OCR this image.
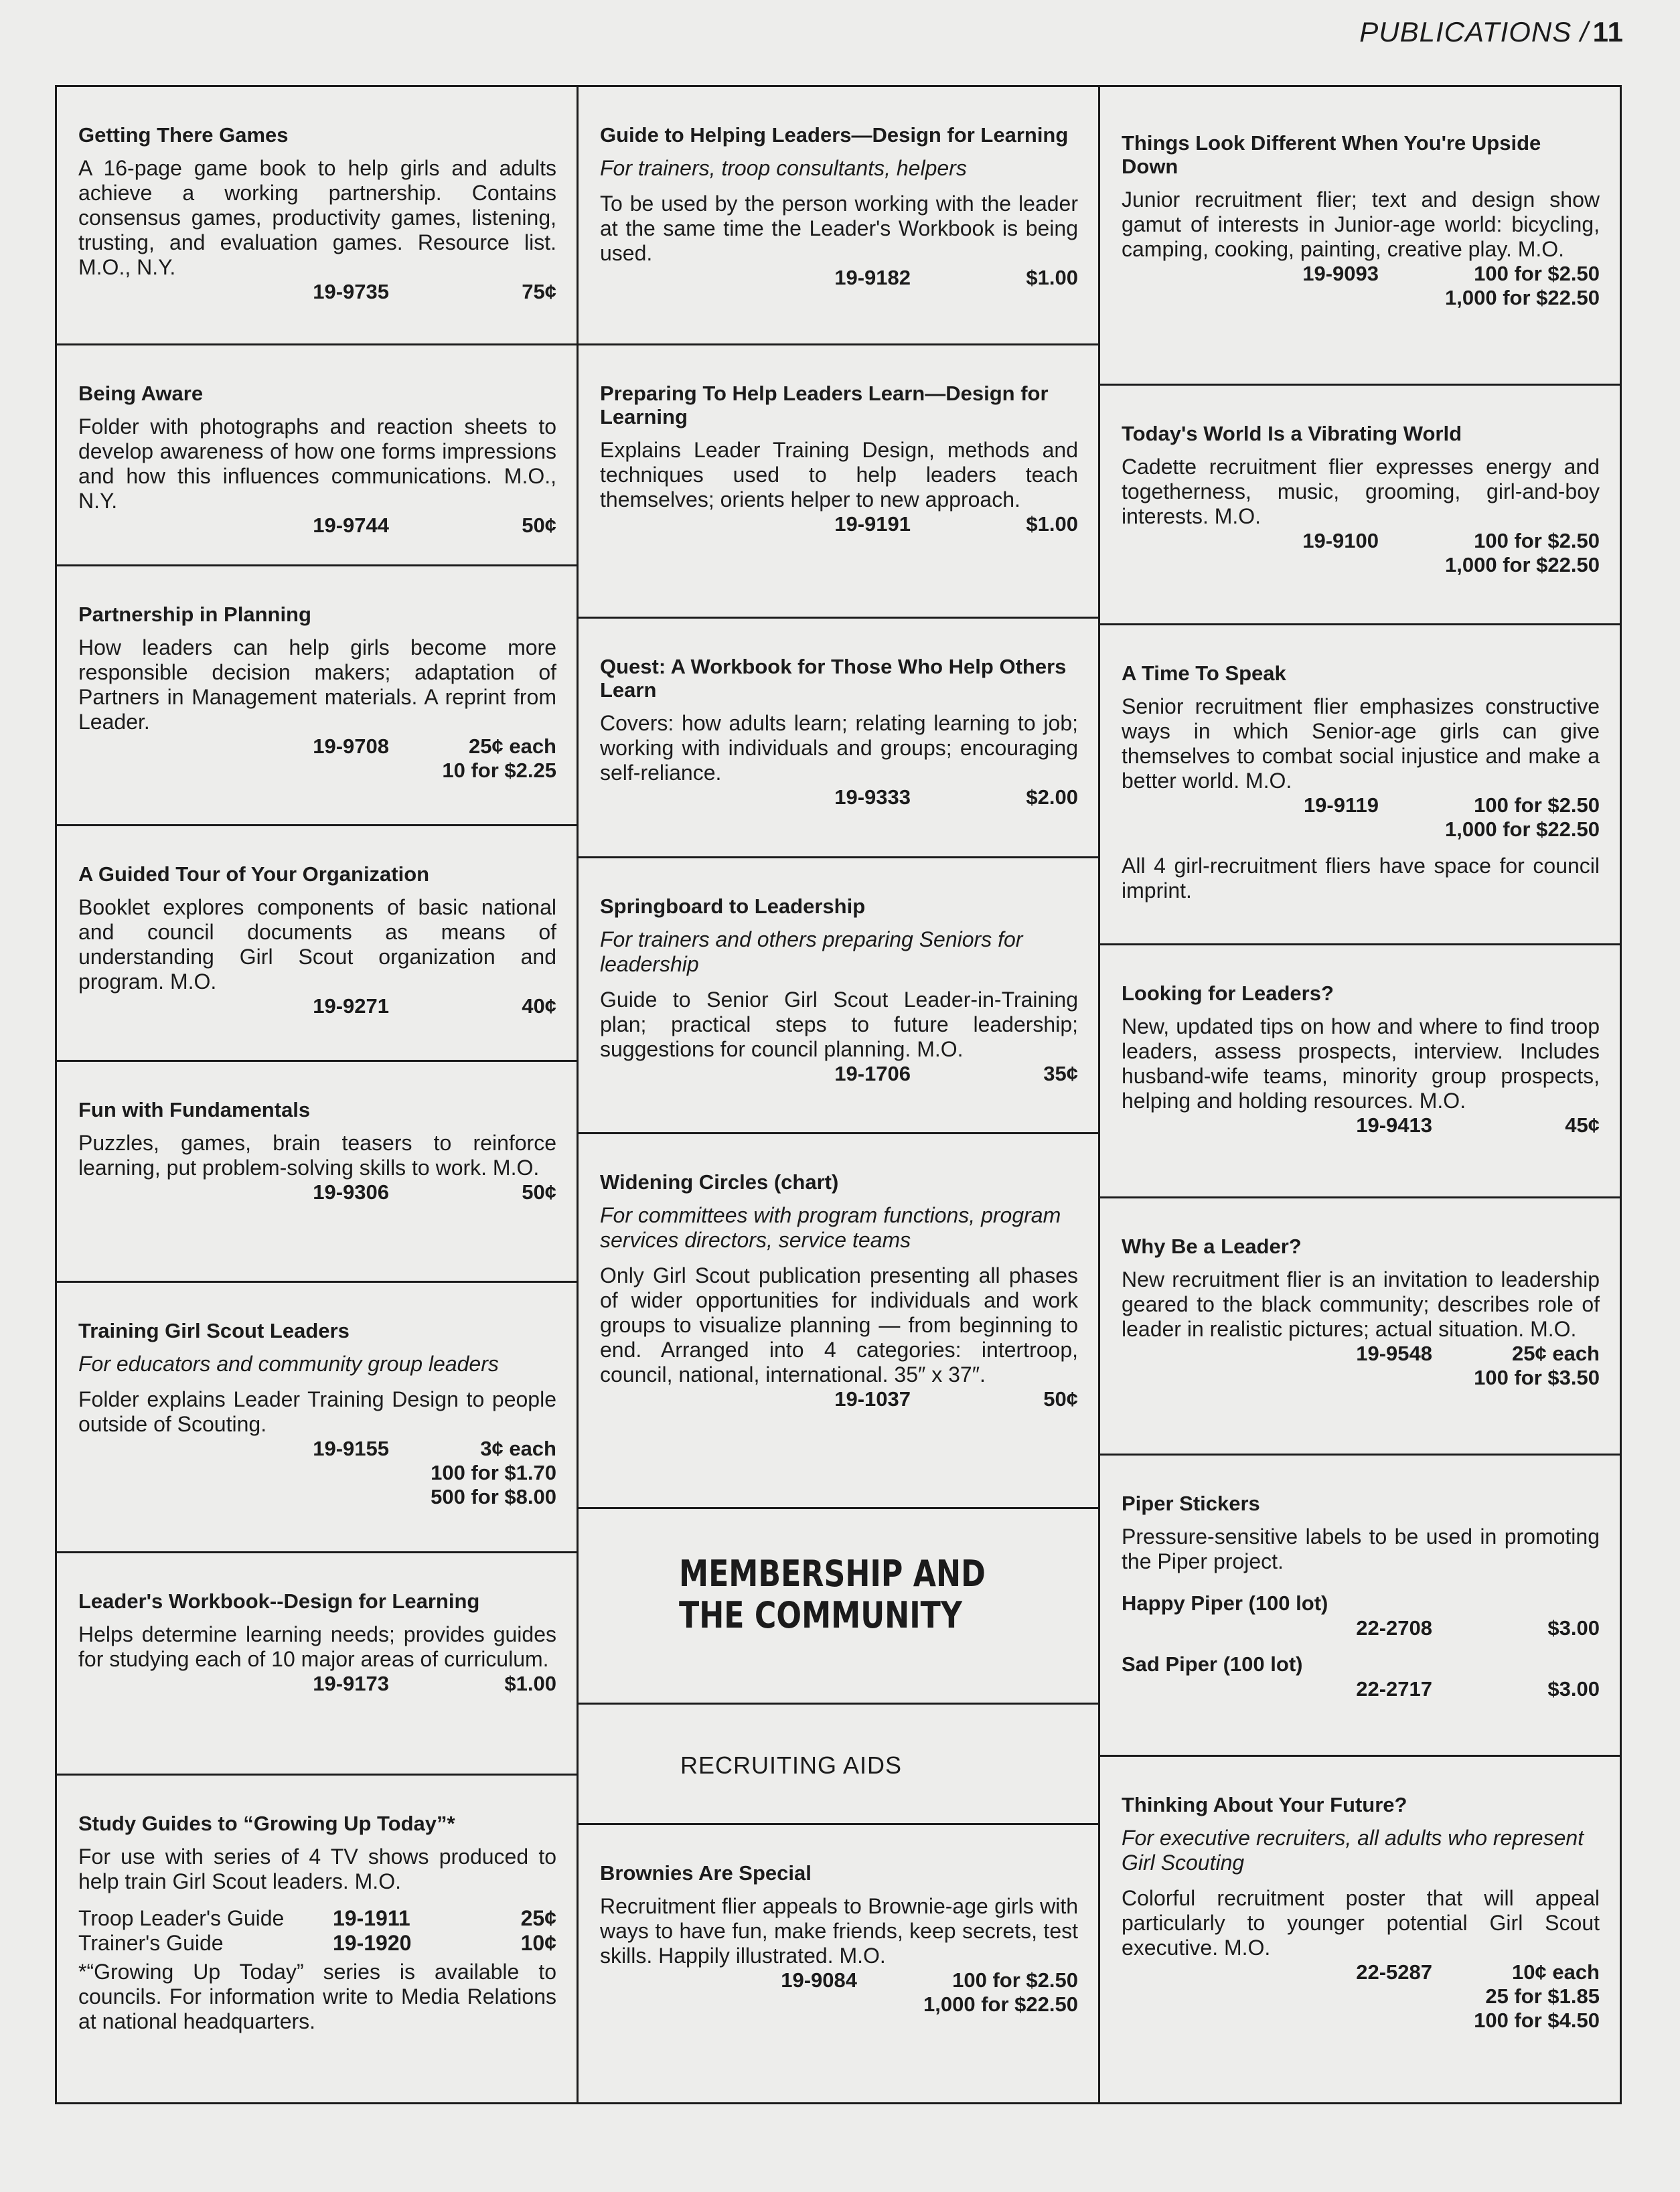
PUBLICATIONS / 11
Getting There Games
A 16-page game book to help girls and adults achieve a working partnership. Contains consensus games, productivity games, listening, trusting, and evaluation games. Resource list. M.O., N.Y.
19-9735	75¢
Being Aware
Folder with photographs and reaction sheets to develop awareness of how one forms impressions and how this influences communications. M.O., N.Y.
19-9744	50¢
Partnership in Planning
How leaders can help girls become more responsible decision makers; adaptation of Partners in Management materials. A reprint from Leader.
19-9708	25¢ each
10 for $2.25
A Guided Tour of Your Organization
Booklet explores components of basic national and council documents as means of understanding Girl Scout organization and program. M.O.
19-9271	40¢
Fun with Fundamentals
Puzzles, games, brain teasers to reinforce learning, put problem-solving skills to work. M.O.
19-9306	50¢
Training Girl Scout Leaders
For educators and community group leaders
Folder explains Leader Training Design to people outside of Scouting.
19-9155	3¢ each
100 for $1.70
500 for $8.00
Leader's Workbook--Design for Learning
Helps determine learning needs; provides guides for studying each of 10 major areas of curriculum.
19-9173	$1.00
Study Guides to “Growing Up Today”*
For use with series of 4 TV shows produced to help train Girl Scout leaders. M.O.
Troop Leader's Guide	19-1911	25¢
Trainer's Guide	19-1920	10¢
*“Growing Up Today” series is available to councils. For information write to Media Relations at national headquarters.
Guide to Helping Leaders—Design for Learning
For trainers, troop consultants, helpers
To be used by the person working with the leader at the same time the Leader's Workbook is being used.
19-9182	$1.00
Preparing To Help Leaders Learn—Design for Learning
Explains Leader Training Design, methods and techniques used to help leaders teach themselves; orients helper to new approach.
19-9191	$1.00
Quest: A Workbook for Those Who Help Others Learn
Covers: how adults learn; relating learning to job; working with individuals and groups; encouraging self-reliance.
19-9333	$2.00
Springboard to Leadership
For trainers and others preparing Seniors for leadership
Guide to Senior Girl Scout Leader-in-Training plan; practical steps to future leadership; suggestions for council planning. M.O.
19-1706	35¢
Widening Circles (chart)
For committees with program functions, program services directors, service teams
Only Girl Scout publication presenting all phases of wider opportunities for individuals and work groups to visualize planning — from beginning to end. Arranged into 4 categories: intertroop, council, national, international. 35″ x 37″.
19-1037	50¢
MEMBERSHIP AND
THE COMMUNITY
RECRUITING AIDS
Brownies Are Special
Recruitment flier appeals to Brownie-age girls with ways to have fun, make friends, keep secrets, test skills. Happily illustrated. M.O.
19-9084	100 for $2.50
1,000 for $22.50
Things Look Different When You're Upside Down
Junior recruitment flier; text and design show gamut of interests in Junior-age world: bicycling, camping, cooking, painting, creative play. M.O.
19-9093	100 for $2.50
1,000 for $22.50
Today's World Is a Vibrating World
Cadette recruitment flier expresses energy and togetherness, music, grooming, girl-and-boy interests. M.O.
19-9100	100 for $2.50
1,000 for $22.50
A Time To Speak
Senior recruitment flier emphasizes constructive ways in which Senior-age girls can give themselves to combat social injustice and make a better world. M.O.
19-9119	100 for $2.50
1,000 for $22.50
All 4 girl-recruitment fliers have space for council imprint.
Looking for Leaders?
New, updated tips on how and where to find troop leaders, assess prospects, interview. Includes husband-wife teams, minority group prospects, helping and holding resources. M.O.
19-9413	45¢
Why Be a Leader?
New recruitment flier is an invitation to leadership geared to the black community; describes role of leader in realistic pictures; actual situation. M.O.
19-9548	25¢ each
100 for $3.50
Piper Stickers
Pressure-sensitive labels to be used in promoting the Piper project.
Happy Piper (100 lot)
22-2708	$3.00
Sad Piper (100 lot)
22-2717	$3.00
Thinking About Your Future?
For executive recruiters, all adults who represent Girl Scouting
Colorful recruitment poster that will appeal particularly to younger potential Girl Scout executive. M.O.
22-5287	10¢ each
25 for $1.85
100 for $4.50
